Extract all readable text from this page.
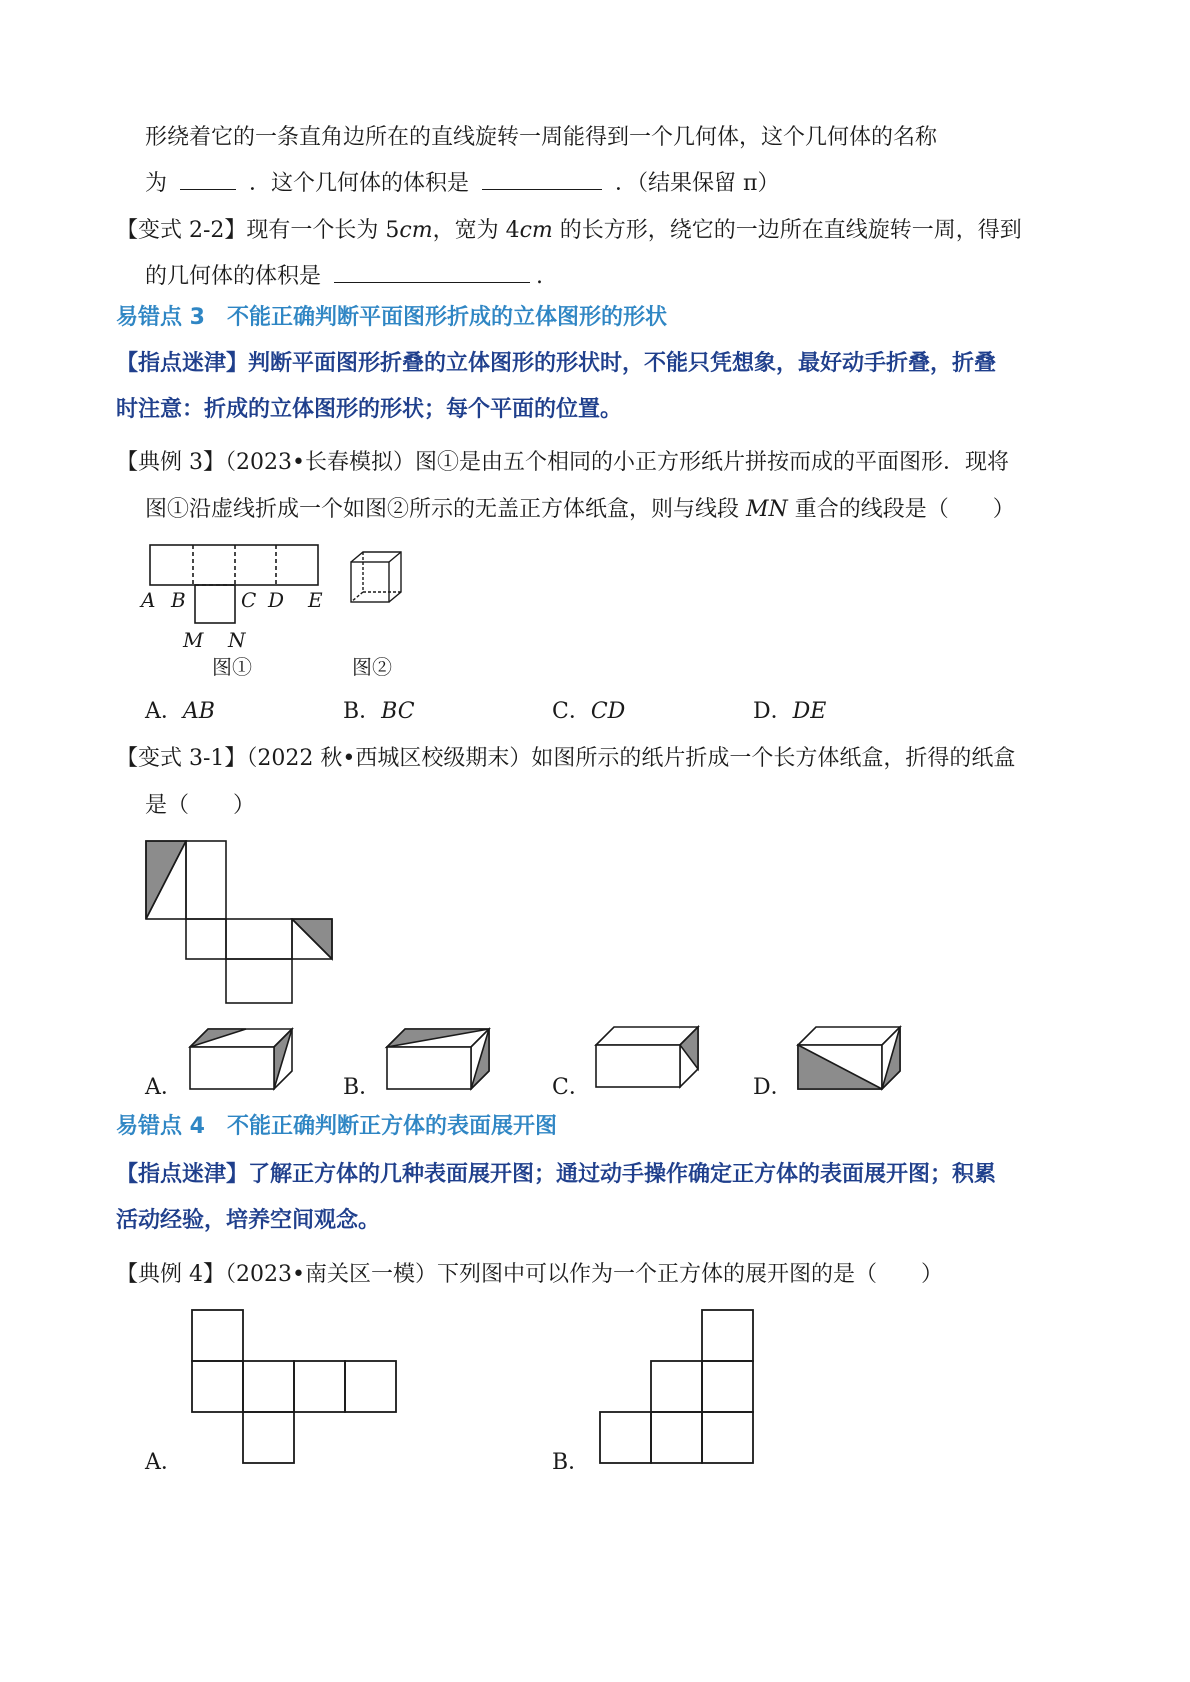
形绕着它的一条直角边所在的直线旋转一周能得到一个几何体，这个几何体的名称
为	．这个几何体的体积是	．（结果保留 π）
【变式 2-2】现有一个长为 5cm，宽为 4cm 的长方形，绕它的一边所在直线旋转一周，得到
的几何体的体积是	.
易错点 3　不能正确判断平面图形折成的立体图形的形状
【指点迷津】判断平面图形折叠的立体图形的形状时，不能只凭想象，最好动手折叠，折叠
时注意：折成的立体图形的形状；每个平面的位置。
【典例 3】（2023•长春模拟）图①是由五个相同的小正方形纸片拼按而成的平面图形．现将
图①沿虚线折成一个如图②所示的无盖正方体纸盒，则与线段 MN 重合的线段是（　　）
A B	C D E
M N
图①	图②
A．AB	B．BC	C．CD	D．DE
【变式 3-1】（2022 秋•西城区校级期末）如图所示的纸片折成一个长方体纸盒，折得的纸盒
是（　　）
A．	B．	C．	D．
易错点 4　不能正确判断正方体的表面展开图
【指点迷津】了解正方体的几种表面展开图；通过动手操作确定正方体的表面展开图；积累
活动经验，培养空间观念。
【典例 4】（2023•南关区一模）下列图中可以作为一个正方体的展开图的是（　　）
A．	B．
